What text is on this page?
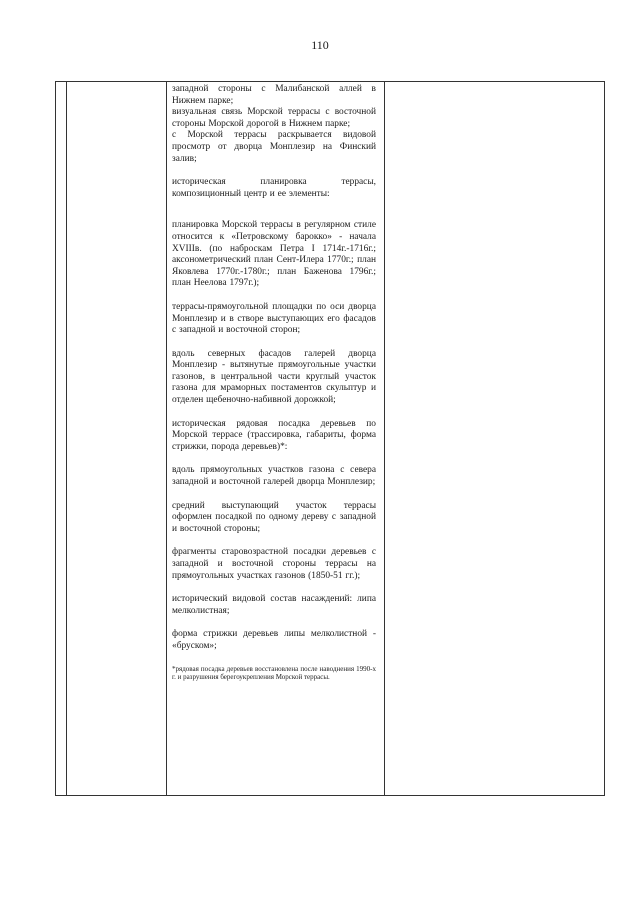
110

западной стороны с Малибанской аллей в Нижнем парке;

визуальная связь Морской террасы с восточной стороны Морской дорогой в Нижнем парке;

с Морской террасы раскрывается видовой просмотр от дворца Монплезир на Финский залив;

историческая планировка террасы, композиционный центр и ее элементы:

планировка Морской террасы в регулярном стиле относится к «Петровскому барокко» - начала XVIIIв. (по наброскам Петра I 1714г.-1716г.; аксонометрический план Сент-Илера 1770г.; план Яковлева 1770г.-1780г.; план Баженова 1796г.; план Неелова 1797г.);

террасы-прямоугольной площадки по оси дворца Монплезир и в створе выступающих его фасадов с западной и восточной сторон;

вдоль северных фасадов галерей дворца Монплезир - вытянутые прямоугольные участки газонов, в центральной части круглый участок газона для мраморных постаментов скульптур и отделен щебеночно-набивной дорожкой;

историческая рядовая посадка деревьев по Морской террасе (трассировка, габариты, форма стрижки, порода деревьев)*:

вдоль прямоугольных участков газона с севера западной и восточной галерей дворца Монплезир;

средний выступающий участок террасы оформлен посадкой по одному дереву с западной и восточной стороны;

фрагменты старовозрастной посадки деревьев с западной и восточной стороны террасы на прямоугольных участках газонов (1850-51 гг.);

исторический видовой состав насаждений: липа мелколистная;

форма стрижки деревьев липы мелколистной - «бруском»;

*рядовая посадка деревьев восстановлена после наводнения 1990-х г. и разрушения берегоукрепления Морской террасы.
